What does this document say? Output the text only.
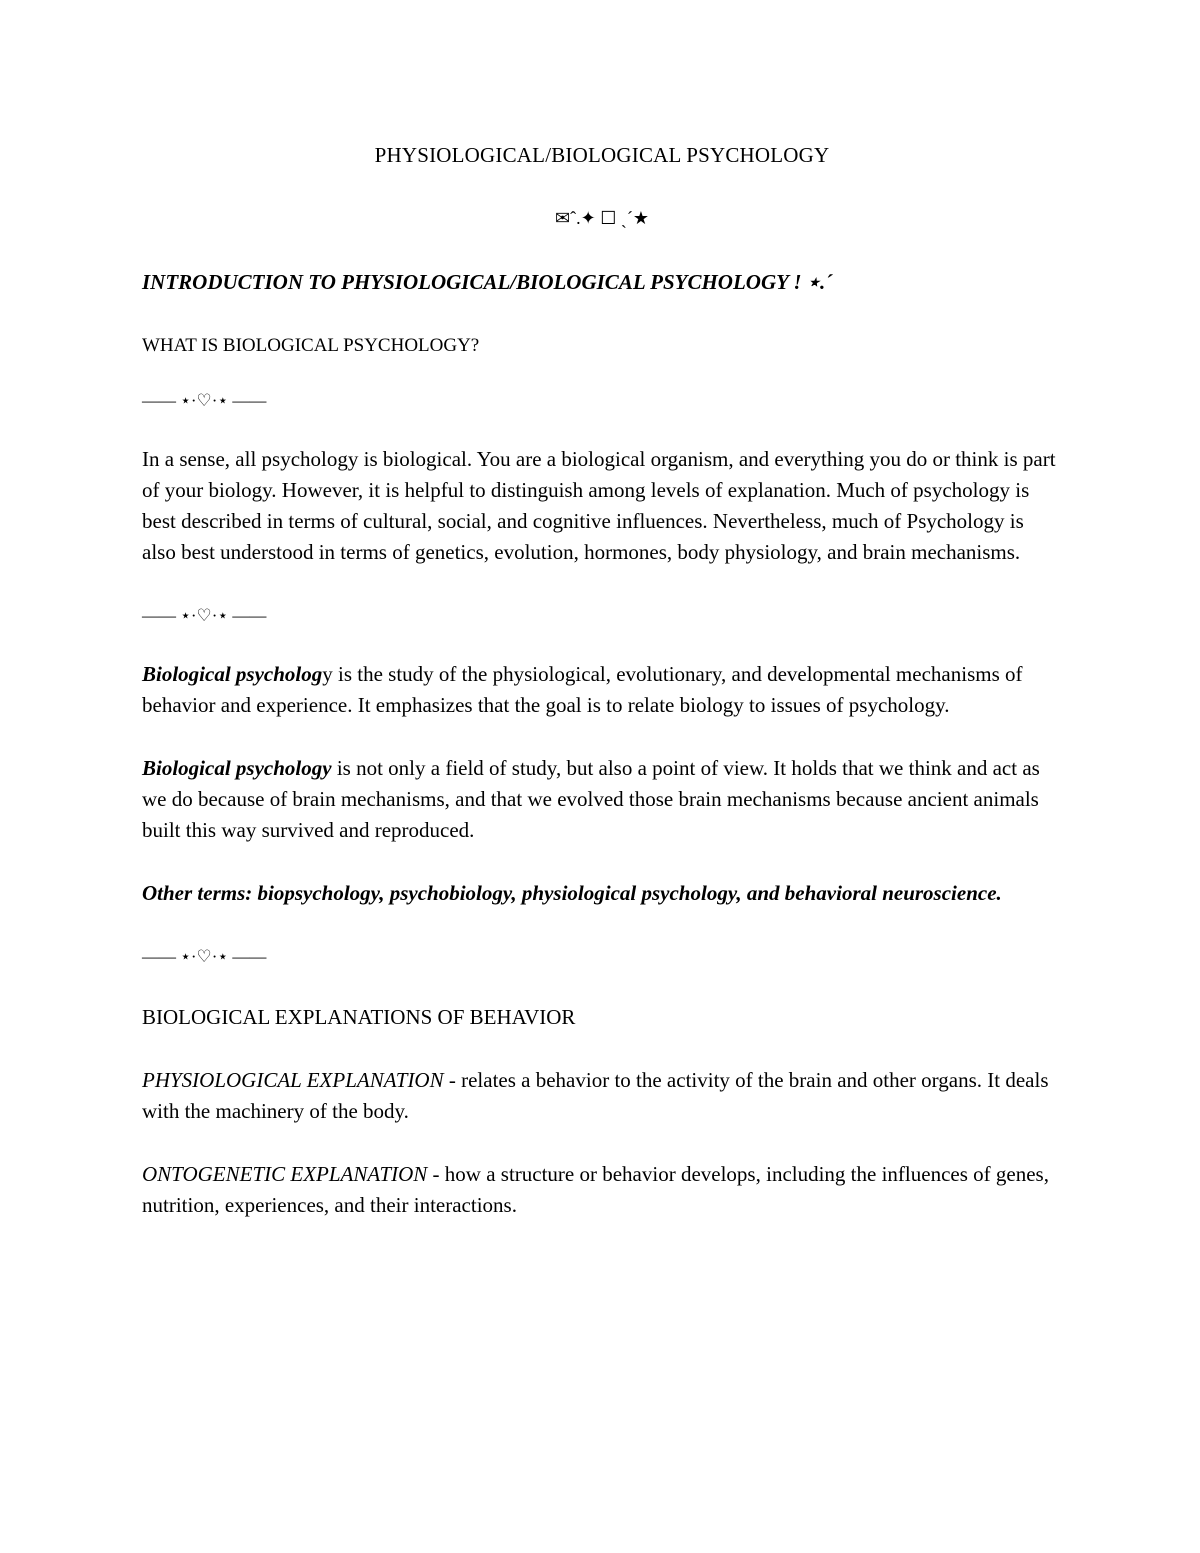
PHYSIOLOGICAL/BIOLOGICAL PSYCHOLOGY
✉ˆ.✦ ☐ ˎˊ★
INTRODUCTION TO PHYSIOLOGICAL/BIOLOGICAL PSYCHOLOGY ! ⋆.ˊ
WHAT IS BIOLOGICAL PSYCHOLOGY?
—— ⋆·♡·⋆ ——

In a sense, all psychology is biological. You are a biological organism, and everything you do or think is part of your biology. However, it is helpful to distinguish among levels of explanation. Much of psychology is best described in terms of cultural, social, and cognitive influences. Nevertheless, much of Psychology is also best understood in terms of genetics, evolution, hormones, body physiology, and brain mechanisms.

—— ⋆·♡·⋆ ——

Biological psychology is the study of the physiological, evolutionary, and developmental mechanisms of behavior and experience. It emphasizes that the goal is to relate biology to issues of psychology.

Biological psychology is not only a field of study, but also a point of view. It holds that we think and act as we do because of brain mechanisms, and that we evolved those brain mechanisms because ancient animals built this way survived and reproduced.

Other terms: biopsychology, psychobiology, physiological psychology, and behavioral neuroscience.

—— ⋆·♡·⋆ ——
BIOLOGICAL EXPLANATIONS OF BEHAVIOR

PHYSIOLOGICAL EXPLANATION - relates a behavior to the activity of the brain and other organs. It deals with the machinery of the body.

ONTOGENETIC EXPLANATION - how a structure or behavior develops, including the influences of genes, nutrition, experiences, and their interactions.
